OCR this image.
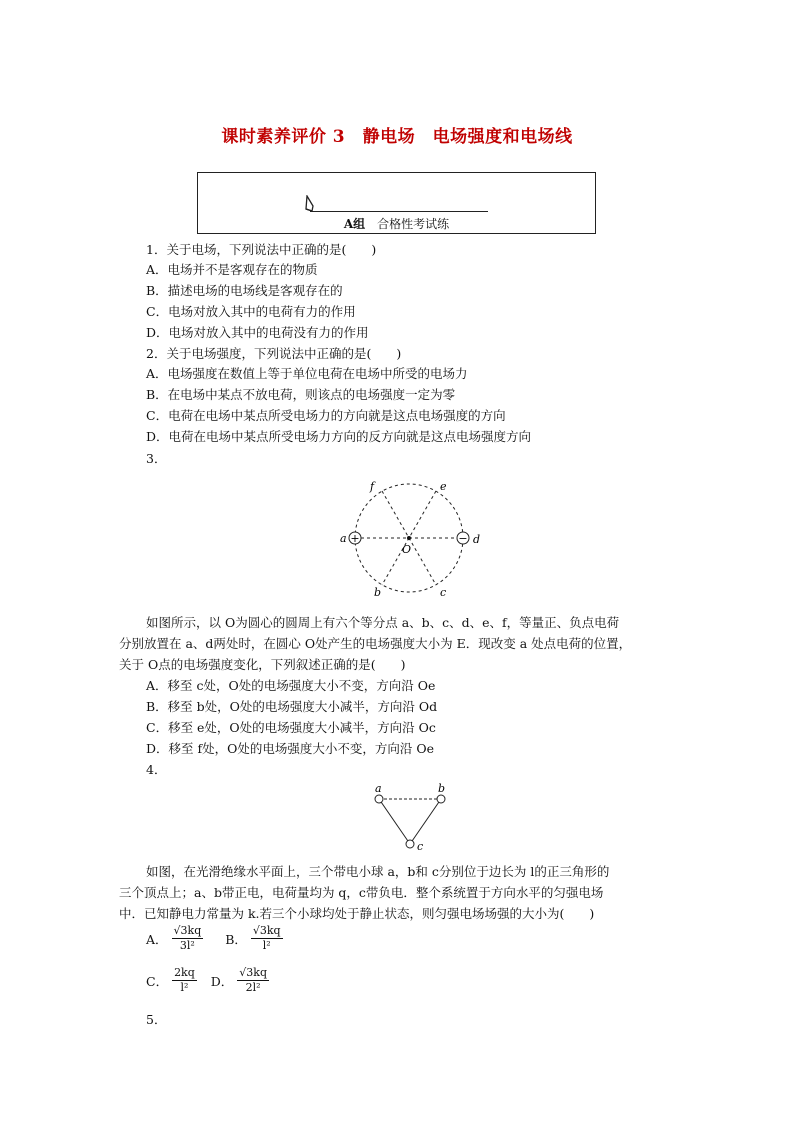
课时素养评价 3　静电场　电场强度和电场线
A组　 合格性考试练
1．关于电场，下列说法中正确的是(　　)
A．电场并不是客观存在的物质
B．描述电场的电场线是客观存在的
C．电场对放入其中的电荷有力的作用
D．电场对放入其中的电荷没有力的作用
2．关于电场强度，下列说法中正确的是(　　)
A．电场强度在数值上等于单位电荷在电场中所受的电场力
B．在电场中某点不放电荷，则该点的电场强度一定为零
C．电荷在电场中某点所受电场力的方向就是这点电场强度的方向
D．电荷在电场中某点所受电场力方向的反方向就是这点电场强度方向
3．
+	−
a	d
f	e
b	c
O
如图所示，以 O为圆心的圆周上有六个等分点 a、b、c、d、e、f，等量正、负点电荷
分别放置在 a、d两处时，在圆心 O处产生的电场强度大小为 E．现改变 a 处点电荷的位置，
关于 O点的电场强度变化，下列叙述正确的是(　　)
A．移至 c处，O处的电场强度大小不变，方向沿 Oe
B．移至 b处，O处的电场强度大小减半，方向沿 Od
C．移至 e处，O处的电场强度大小减半，方向沿 Oc
D．移至 f处，O处的电场强度大小不变，方向沿 Oe
4．
a	b
c
如图，在光滑绝缘水平面上，三个带电小球 a，b和 c分别位于边长为 l的正三角形的
三个顶点上；a、b带正电，电荷量均为 q，c带负电．整个系统置于方向水平的匀强电场
中．已知静电力常量为 k.若三个小球均处于静止状态，则匀强电场场强的大小为(　　)
A． $\frac{√3kq}{\text{3l²}}$ B． $\frac{√3kq}{\text{l²}}$
C． $\frac{2kq}{\text{l²}}$ D． $\frac{√3kq}{\text{2l²}}$
5．
